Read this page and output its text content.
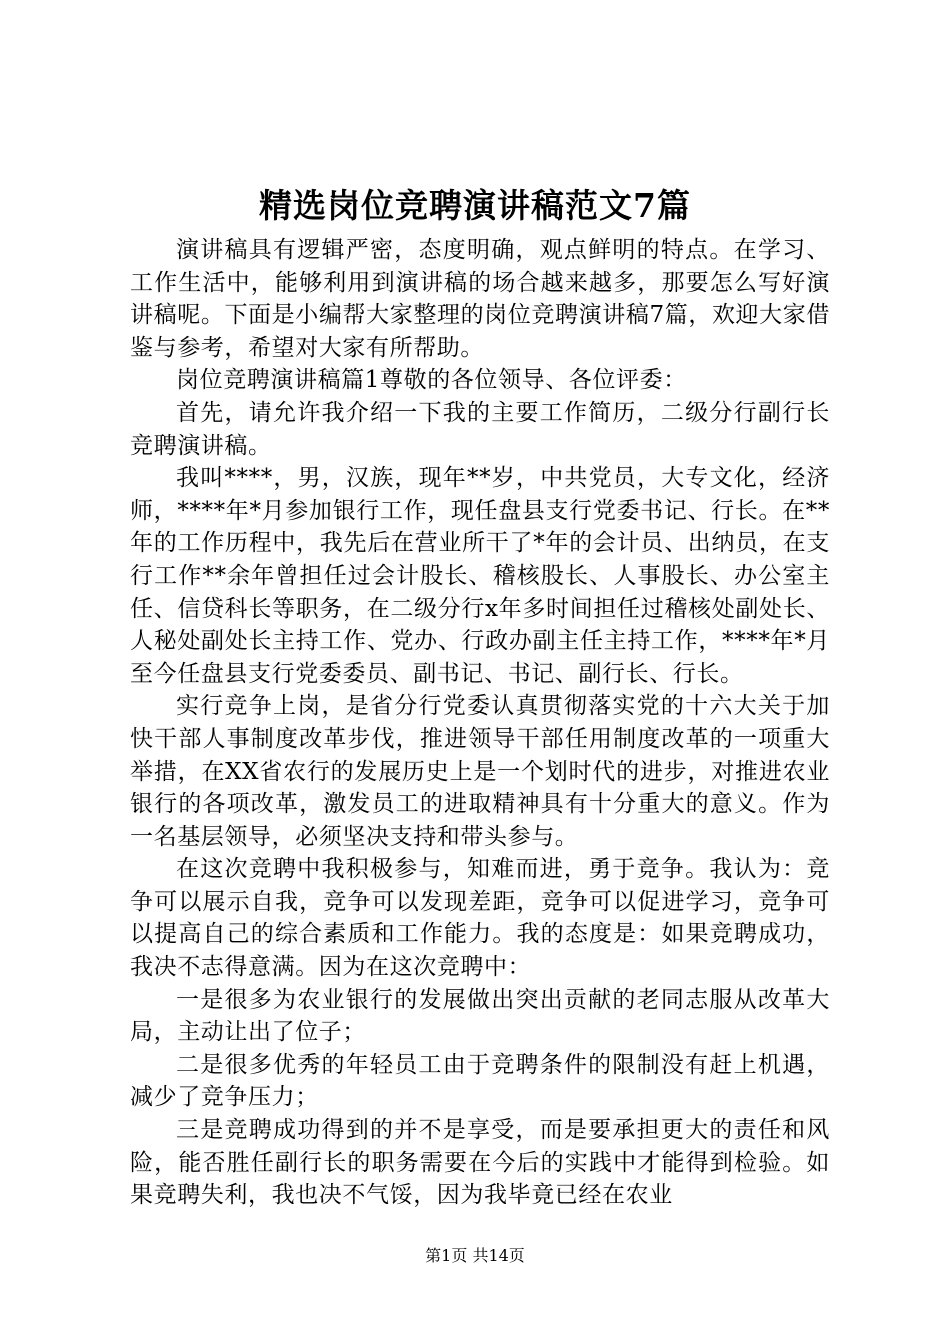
精选岗位竞聘演讲稿范文7篇

演讲稿具有逻辑严密，态度明确，观点鲜明的特点。在学习、工作生活中，能够利用到演讲稿的场合越来越多，那要怎么写好演讲稿呢。下面是小编帮大家整理的岗位竞聘演讲稿7篇，欢迎大家借鉴与参考，希望对大家有所帮助。

岗位竞聘演讲稿篇1尊敬的各位领导、各位评委：

首先，请允许我介绍一下我的主要工作简历，二级分行副行长竞聘演讲稿。

我叫****，男，汉族，现年**岁，中共党员，大专文化，经济师，****年*月参加银行工作，现任盘县支行党委书记、行长。在**年的工作历程中，我先后在营业所干了*年的会计员、出纳员，在支行工作**余年曾担任过会计股长、稽核股长、人事股长、办公室主任、信贷科长等职务，在二级分行x年多时间担任过稽核处副处长、人秘处副处长主持工作、党办、行政办副主任主持工作，****年*月至今任盘县支行党委委员、副书记、书记、副行长、行长。

实行竞争上岗，是省分行党委认真贯彻落实党的十六大关于加快干部人事制度改革步伐，推进领导干部任用制度改革的一项重大举措，在XX省农行的发展历史上是一个划时代的进步，对推进农业银行的各项改革，激发员工的进取精神具有十分重大的意义。作为一名基层领导，必须坚决支持和带头参与。

在这次竞聘中我积极参与，知难而进，勇于竞争。我认为：竞争可以展示自我，竞争可以发现差距，竞争可以促进学习，竞争可以提高自己的综合素质和工作能力。我的态度是：如果竞聘成功，我决不志得意满。因为在这次竞聘中：

一是很多为农业银行的发展做出突出贡献的老同志服从改革大局，主动让出了位子；

二是很多优秀的年轻员工由于竞聘条件的限制没有赶上机遇，减少了竞争压力；

三是竞聘成功得到的并不是享受，而是要承担更大的责任和风险，能否胜任副行长的职务需要在今后的实践中才能得到检验。如果竞聘失利，我也决不气馁，因为我毕竟已经在农业

第1页 共14页
